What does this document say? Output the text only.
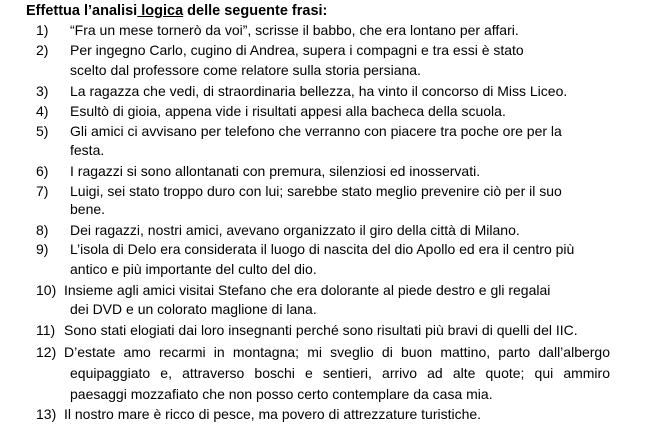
Effettua l’analisi logica delle seguente frasi:
1) “Fra un mese tornerò da voi”, scrisse il babbo, che era lontano per affari.
2) Per ingegno Carlo, cugino di Andrea, supera i compagni e tra essi è stato
scelto dal professore come relatore sulla storia persiana.
3) La ragazza che vedi, di straordinaria bellezza, ha vinto il concorso di Miss Liceo.
4) Esultò di gioia, appena vide i risultati appesi alla bacheca della scuola.
5) Gli amici ci avvisano per telefono che verranno con piacere tra poche ore per la
festa.
6) I ragazzi si sono allontanati con premura, silenziosi ed inosservati.
7) Luigi, sei stato troppo duro con lui; sarebbe stato meglio prevenire ciò per il suo
bene.
8) Dei ragazzi, nostri amici, avevano organizzato il giro della città di Milano.
9) L’isola di Delo era considerata il luogo di nascita del dio Apollo ed era il centro più
antico e più importante del culto del dio.
10) Insieme agli amici visitai Stefano che era dolorante al piede destro e gli regalai
dei DVD e un colorato maglione di lana.
11) Sono stati elogiati dai loro insegnanti perché sono risultati più bravi di quelli del IIC.
12) D’estate amo recarmi in montagna; mi sveglio di buon mattino, parto dall’albergo
equipaggiato e, attraverso boschi e sentieri, arrivo ad alte quote; qui ammiro
paesaggi mozzafiato che non posso certo contemplare da casa mia.
13) Il nostro mare è ricco di pesce, ma povero di attrezzature turistiche.
